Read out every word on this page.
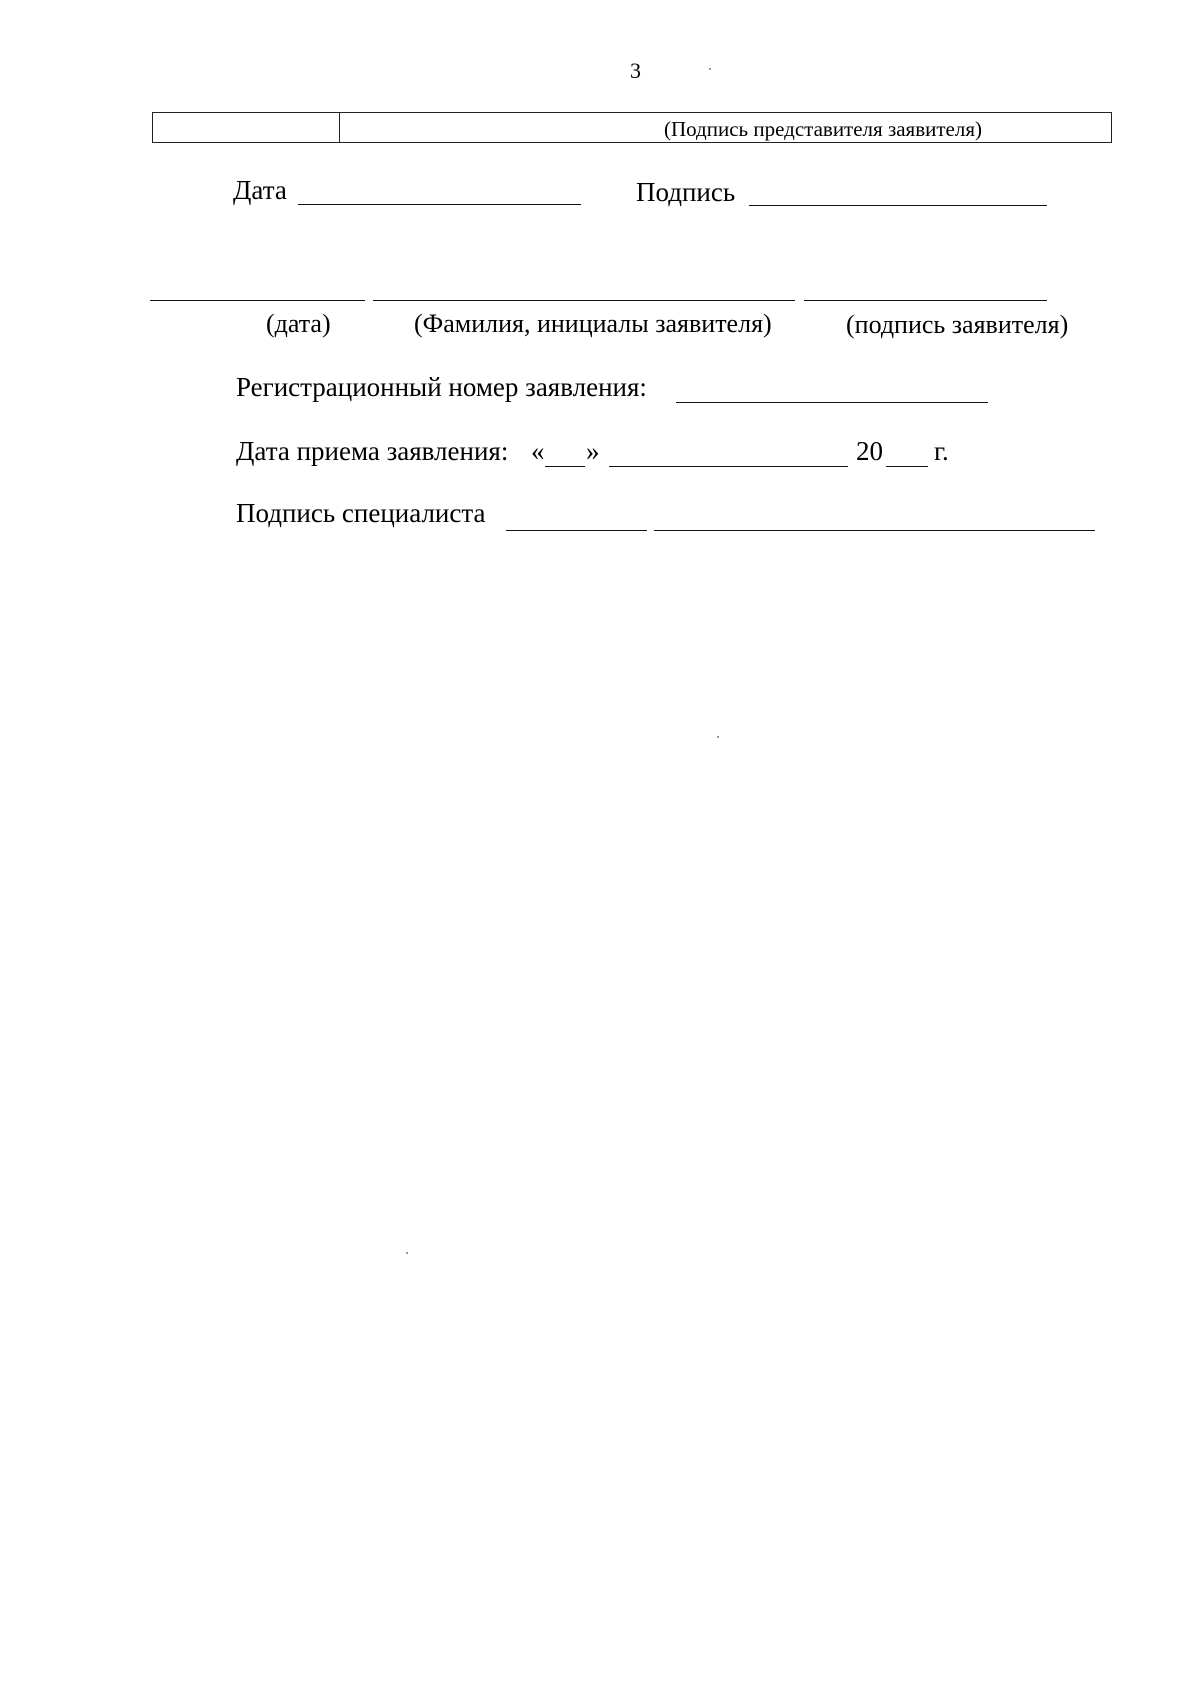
3
(Подпись представителя заявителя)
Дата	Подпись
(дата)	(Фамилия, инициалы заявителя)	(подпись заявителя)
Регистрационный номер заявления:
Дата приема заявления: « »	20 г.
Подпись специалиста
